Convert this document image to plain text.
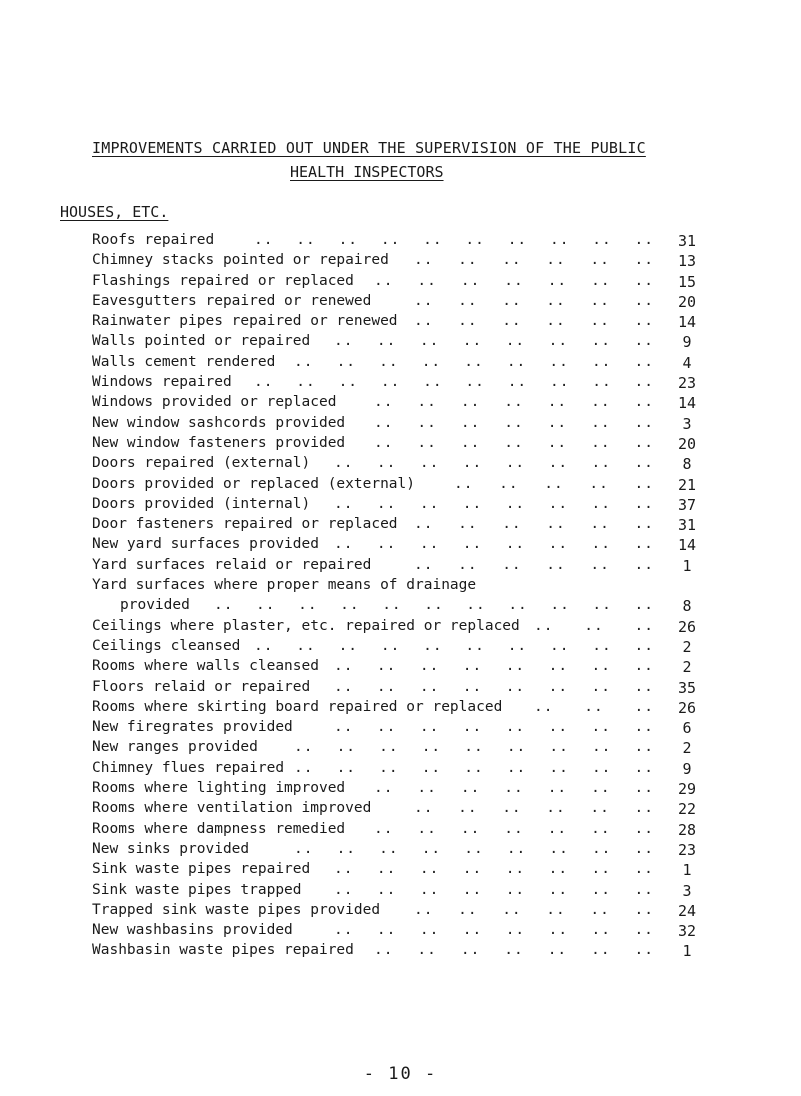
IMPROVEMENTS CARRIED OUT UNDER THE SUPERVISION OF THE PUBLIC
HEALTH INSPECTORS
HOUSES, ETC.
Roofs repaired	.. .. .. .. .. .. .. .. .. ..	31
Chimney stacks pointed or repaired .. .. .. .. .. ..	13
Flashings repaired or replaced .. .. .. .. .. .. ..	15
Eavesgutters repaired or renewed	.. .. .. .. .. ..	20
Rainwater pipes repaired or renewed .. .. .. .. .. ..	14
Walls pointed or repaired .. .. .. .. .. .. .. ..	9
Walls cement rendered .. .. .. .. .. .. .. .. ..	4
Windows repaired .. .. .. .. .. .. .. .. .. ..	23
Windows provided or replaced	.. .. .. .. .. .. ..	14
New window sashcords provided .. .. .. .. .. .. ..	3
New window fasteners provided .. .. .. .. .. .. ..	20
Doors repaired (external) .. .. .. .. .. .. .. ..	8
Doors provided or replaced (external)	.. .. .. .. ..	21
Doors provided (internal) .. .. .. .. .. .. .. ..	37
Door fasteners repaired or replaced .. .. .. .. .. ..	31
New yard surfaces provided .. .. .. .. .. .. .. ..	14
Yard surfaces relaid or repaired	.. .. .. .. .. ..	1
Yard surfaces where proper means of drainage
provided .. .. .. .. .. .. .. .. .. .. ..	8
Ceilings where plaster, etc. repaired or replaced .. .. ..	26
Ceilings cleansed .. .. .. .. .. .. .. .. .. ..	2
Rooms where walls cleansed .. .. .. .. .. .. .. ..	2
Floors relaid or repaired .. .. .. .. .. .. .. ..	35
Rooms where skirting board repaired or replaced .. .. ..	26
New firegrates provided	.. .. .. .. .. .. .. ..	6
New ranges provided .. .. .. .. .. .. .. .. ..	2
Chimney flues repaired .. .. .. .. .. .. .. .. ..	9
Rooms where lighting improved .. .. .. .. .. .. ..	29
Rooms where ventilation improved	.. .. .. .. .. ..	22
Rooms where dampness remedied .. .. .. .. .. .. ..	28
New sinks provided	.. .. .. .. .. .. .. .. ..	23
Sink waste pipes repaired .. .. .. .. .. .. .. ..	1
Sink waste pipes trapped .. .. .. .. .. .. .. ..	3
Trapped sink waste pipes provided .. .. .. .. .. ..	24
New washbasins provided	.. .. .. .. .. .. .. ..	32
Washbasin waste pipes repaired .. .. .. .. .. .. ..	1
- 10 -
